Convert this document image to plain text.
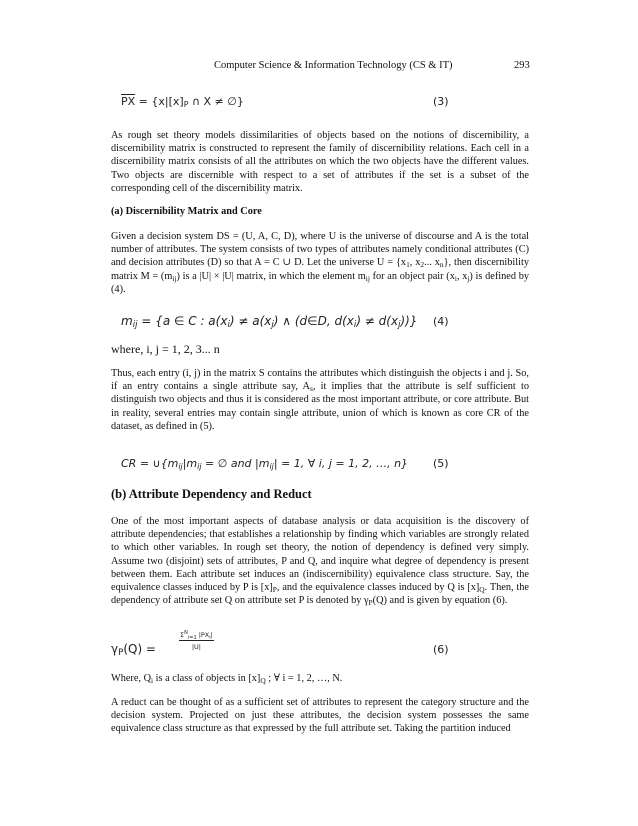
Computer Science & Information Technology (CS & IT)	293
$\overline{PX} = \{x|[x]_P$ ∩ X ≠ ∅}	(3)

As rough set theory models dissimilarities of objects based on the notions of discernibility, a discernibility matrix is constructed to represent the family of discernibility relations. Each cell in a discernibility matrix consists of all the attributes on which the two objects have the different values. Two objects are discernible with respect to a set of attributes if the set is a subset of the corresponding cell of the discernibility matrix.

(a) Discernibility Matrix and Core

Given a decision system DS = (U, A, C, D), where U is the universe of discourse and A is the total number of attributes. The system consists of two types of attributes namely conditional attributes (C) and decision attributes (D) so that A = C ∪ D. Let the universe $U = \{x_1$, $x_2$... $x_n$}, then discernibility matrix $M = (m_{ij})$ is a |U| × |U| matrix, in which the element $m_{ij}$ for an object pair ($x_i$, $x_j$) is defined by (4).

$m_{ij} = \{a$ ∈ C : $a(x_i) \ne a(x_j)$ ∧ (d∈D, $d(x_i) \ne d(x_j)$)} (4)
where, i, j = 1, 2, 3... n

Thus, each entry (i, j) in the matrix S contains the attributes which distinguish the objects i and j. So, if an entry contains a single attribute say, $A_s$, it implies that the attribute is self sufficient to distinguish two objects and thus it is considered as the most important attribute, or core attribute. But in reality, several entries may contain single attribute, union of which is known as core CR of the dataset, as defined in (5).

CR = $\cup\{m_{ij}|m_{ij}$ = ∅ and $|m_{ij}| = 1$, ∀ i, j = 1, 2, …, n} (5)
(b) Attribute Dependency and Reduct

One of the most important aspects of database analysis or data acquisition is the discovery of attribute dependencies; that establishes a relationship by finding which variables are strongly related to which other variables. In rough set theory, the notion of dependency is defined very simply. Assume two (disjoint) sets of attributes, P and Q, and inquire what degree of dependency is present between them. Each attribute set induces an (indiscernibility) equivalence class structure. Say, the equivalence classes induced by P is $[x]_P$, and the equivalence classes induced by Q is $[x]_Q$. Then, the dependency of attribute set Q on attribute set P is denoted by $\gamma_P(Q)$ and is given by equation (6).

$\gamma_P(Q)$ =
$\Sigma^N_{i=1}$ $|PX_i|$
|U|	(6)

Where, $Q_i$ is a class of objects in $[x]_Q$ ; ∀ i = 1, 2, …, N.

A reduct can be thought of as a sufficient set of attributes to represent the category structure and the decision system. Projected on just these attributes, the decision system possesses the same equivalence class structure as that expressed by the full attribute set. Taking the partition induced
